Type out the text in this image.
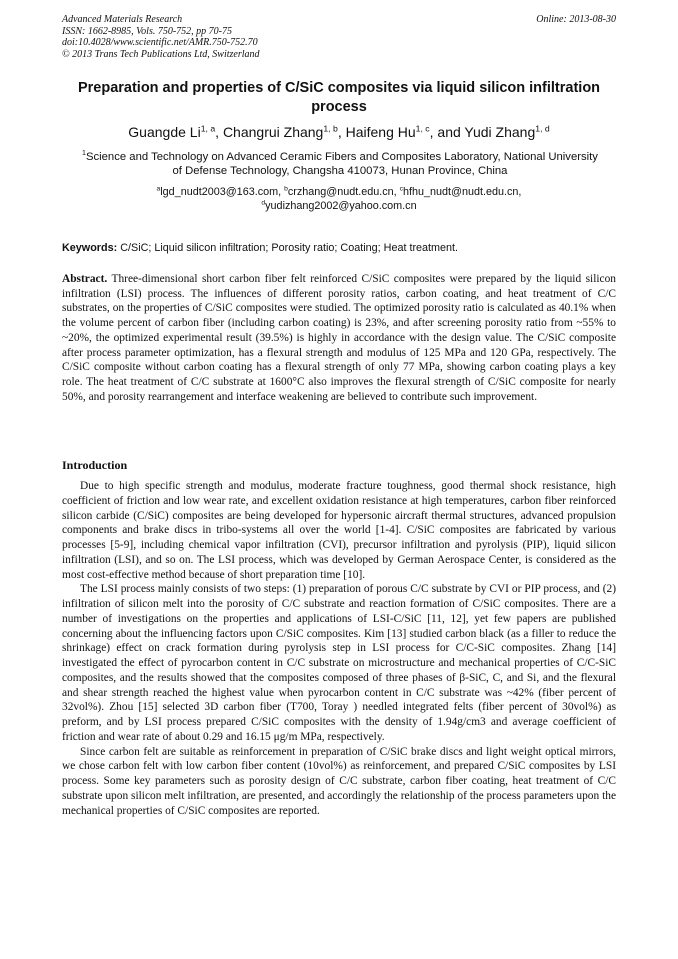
Advanced Materials Research
ISSN: 1662-8985, Vols. 750-752, pp 70-75
doi:10.4028/www.scientific.net/AMR.750-752.70
© 2013 Trans Tech Publications Ltd, Switzerland
Online: 2013-08-30
Preparation and properties of C/SiC composites via liquid silicon infiltration process
Guangde Li$^{1, a}$, Changrui Zhang$^{1, b}$, Haifeng Hu$^{1, c}$, and Yudi Zhang$^{1, d}$
$^1$Science and Technology on Advanced Ceramic Fibers and Composites Laboratory, National University of Defense Technology, Changsha 410073, Hunan Province, China
$^a$lgd_nudt2003@163.com, $^b$crzhang@nudt.edu.cn, $^c$hfhu_nudt@nudt.edu.cn,
$^d$yudizhang2002@yahoo.com.cn
Keywords: C/SiC; Liquid silicon infiltration; Porosity ratio; Coating; Heat treatment.
Abstract. Three-dimensional short carbon fiber felt reinforced C/SiC composites were prepared by the liquid silicon infiltration (LSI) process. The influences of different porosity ratios, carbon coating, and heat treatment of C/C substrates, on the properties of C/SiC composites were studied. The optimized porosity ratio is calculated as 40.1% when the volume percent of carbon fiber (including carbon coating) is 23%, and after screening porosity ratio from ~55% to ~20%, the optimized experimental result (39.5%) is highly in accordance with the design value. The C/SiC composite after process parameter optimization, has a flexural strength and modulus of 125 MPa and 120 GPa, respectively. The C/SiC composite without carbon coating has a flexural strength of only 77 MPa, showing carbon coating plays a key role. The heat treatment of C/C substrate at 1600°C also improves the flexural strength of C/SiC composite for nearly 50%, and porosity rearrangement and interface weakening are believed to contribute such improvement.
Introduction

Due to high specific strength and modulus, moderate fracture toughness, good thermal shock resistance, high coefficient of friction and low wear rate, and excellent oxidation resistance at high temperatures, carbon fiber reinforced silicon carbide (C/SiC) composites are being developed for hypersonic aircraft thermal structures, advanced propulsion components and brake discs in tribo-systems all over the world [1-4]. C/SiC composites are fabricated by various processes [5-9], including chemical vapor infiltration (CVI), precursor infiltration and pyrolysis (PIP), liquid silicon infiltration (LSI), and so on. The LSI process, which was developed by German Aerospace Center, is considered as the most cost-effective method because of short preparation time [10].

The LSI process mainly consists of two steps: (1) preparation of porous C/C substrate by CVI or PIP process, and (2) infiltration of silicon melt into the porosity of C/C substrate and reaction formation of C/SiC composites. There are a number of investigations on the properties and applications of LSI-C/SiC [11, 12], yet few papers are published concerning about the influencing factors upon C/SiC composites. Kim [13] studied carbon black (as a filler to reduce the shrinkage) effect on crack formation during pyrolysis step in LSI process for C/C-SiC composites. Zhang [14] investigated the effect of pyrocarbon content in C/C substrate on microstructure and mechanical properties of C/C-SiC composites, and the results showed that the composites composed of three phases of β-SiC, C, and Si, and the flexural and shear strength reached the highest value when pyrocarbon content in C/C substrate was ~42% (fiber percent of 32vol%). Zhou [15] selected 3D carbon fiber (T700, Toray ) needled integrated felts (fiber percent of 30vol%) as preform, and by LSI process prepared C/SiC composites with the density of 1.94g/cm3 and average coefficient of friction and wear rate of about 0.29 and 16.15 μg/m MPa, respectively.

Since carbon felt are suitable as reinforcement in preparation of C/SiC brake discs and light weight optical mirrors, we chose carbon felt with low carbon fiber content (10vol%) as reinforcement, and prepared C/SiC composites by LSI process. Some key parameters such as porosity design of C/C substrate, carbon fiber coating, heat treatment of C/C substrate upon silicon melt infiltration, are presented, and accordingly the relationship of the process parameters upon the mechanical properties of C/SiC composites are reported.
